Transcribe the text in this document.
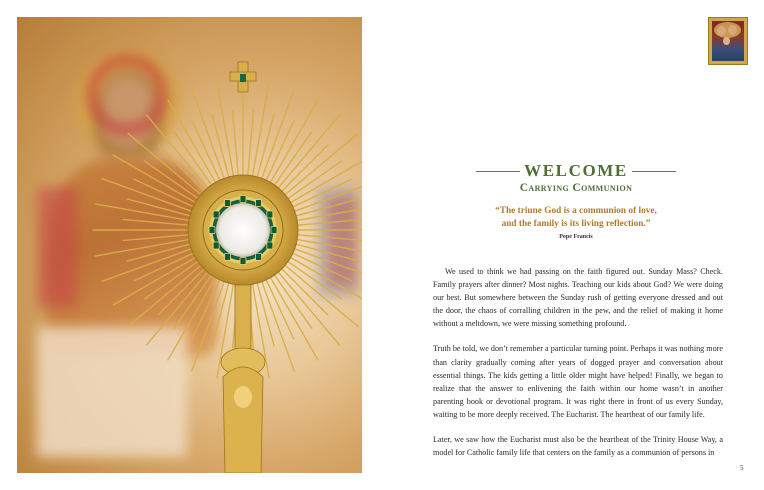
WELCOME
Carrying Communion
“The triune God is a communion of love,
and the family is its living reflection.”
Pope Francis

We used to think we had passing on the faith figured out. Sunday Mass? Check. Family prayers after dinner? Most nights. Teaching our kids about God? We were doing our best. But somewhere between the Sunday rush of getting everyone dressed and out the door, the chaos of corralling children in the pew, and the relief of making it home without a meltdown, we were missing something profound.

Truth be told, we don’t remember a particular turning point. Perhaps it was nothing more than clarity gradually coming after years of dogged prayer and conversation about essential things. The kids getting a little older might have helped! Finally, we began to realize that the answer to enlivening the faith within our home wasn’t in another parenting book or devotional program. It was right there in front of us every Sunday, waiting to be more deeply received. The Eucharist. The heartbeat of our family life.

Later, we saw how the Eucharist must also be the heartbeat of the Trinity House Way, a model for Catholic family life that centers on the family as a communion of persons in

5
